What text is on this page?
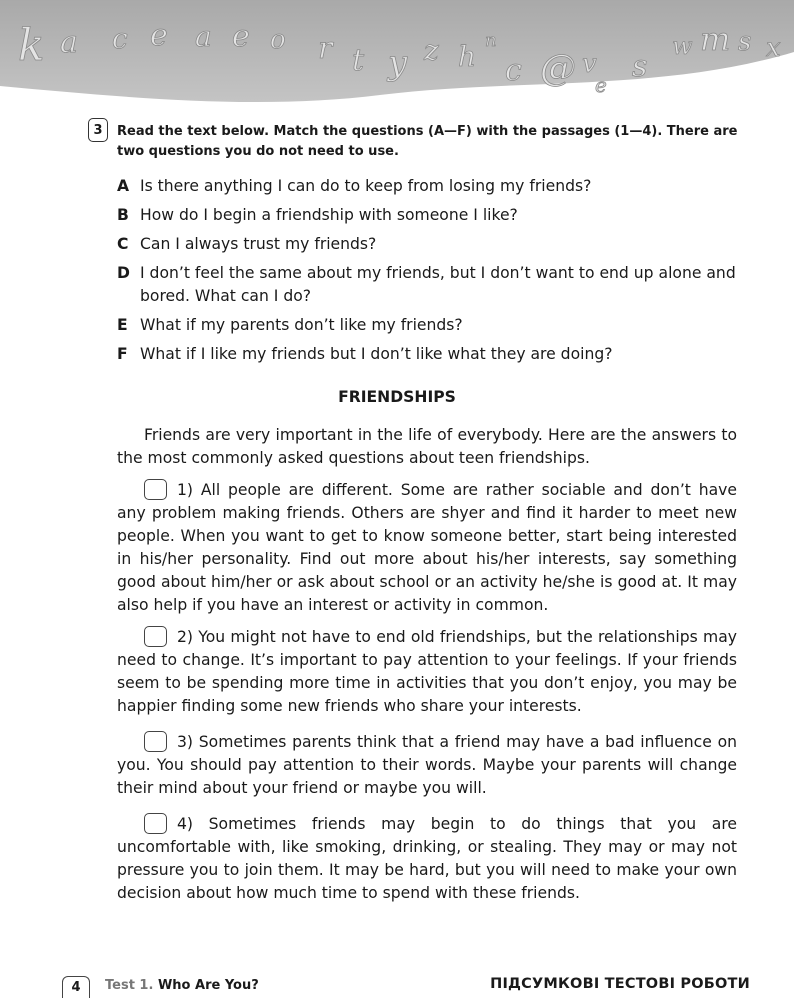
k a c e a e o r t y z h n
c @ v
e
s
w m s x
3	Read the text below. Match the questions (A—F) with the passages (1—4). There are two questions you do not need to use.
A Is there anything I can do to keep from losing my friends?
B How do I begin a friendship with someone I like?
C Can I always trust my friends?
D I don’t feel the same about my friends, but I don’t want to end up alone and bored. What can I do?
E What if my parents don’t like my friends?
F What if I like my friends but I don’t like what they are doing?
FRIENDSHIPS

Friends are very important in the life of everybody. Here are the answers to the most commonly asked questions about teen friendships.

1) All people are different. Some are rather sociable and don’t have any problem making friends. Others are shyer and find it harder to meet new people. When you want to get to know someone better, start being interested in his/her personality. Find out more about his/her interests, say something good about him/her or ask about school or an activity he/she is good at. It may also help if you have an interest or activity in common.

2) You might not have to end old friendships, but the relationships may need to change. It’s important to pay attention to your feelings. If your friends seem to be spending more time in activities that you don’t enjoy, you may be happier finding some new friends who share your interests.

3) Sometimes parents think that a friend may have a bad influence on you. You should pay attention to their words. Maybe your parents will change their mind about your friend or maybe you will.

4) Sometimes friends may begin to do things that you are uncomfortable with, like smoking, drinking, or stealing. They may or may not pressure you to join them. It may be hard, but you will need to make your own decision about how much time to spend with these friends.

4	Test 1. Who Are You?	ПІДСУМКОВІ ТЕСТОВІ РОБОТИ
